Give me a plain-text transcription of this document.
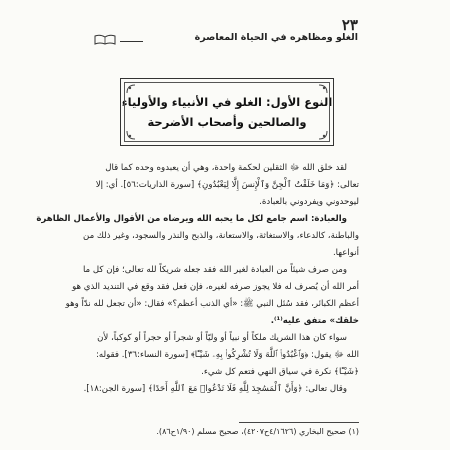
٢٣
الغلو ومظاهره في الحياة المعاصرة
النوع الأول: الغلو في الأنبياء والأولياء
والصالحين وأصحاب الأضرحة
لقد خلق الله ﷻ الثقلين لحكمة واحدة، وهي أن يعبدوه وحده كما قال
تعالى: ﴿وَمَا خَلَقْتُ ٱلْجِنَّ وَٱلْإِنسَ إِلَّا لِيَعْبُدُونِ﴾ [سورة الذاريات:٥٦]. أي: إلا
ليوحدوني ويفردوني بالعبادة.
والعبادة: اسم جامع لكل ما يحبه الله ويرضاه من الأقوال والأعمال الظاهرة
والباطنة، كالدعاء، والاستغاثة، والاستعانة، والذبح والنذر والسجود، وغير ذلك من
أنواعها.
ومن صرف شيئاً من العبادة لغير الله فقد جعله شريكاً لله تعالى؛ فإن كل ما
أمر الله أن يُصرف له فلا يجوز صرفه لغيره، فإن فعل فقد وقع في التنديد الذي هو
أعظم الكبائر، فقد سُئل النبي ﷺ: «أي الذنب أعظم؟» فقال: «أن تجعل لله ندّاً وهو
خلقك» متفق عليه⁽¹⁾.
سواء كان هذا الشريك ملكاً أو نبياً أو وليّاً أو شجراً أو حجراً أو كوكباً، لأن
الله ﷻ يقول: ﴿وَٱعْبُدُوا۟ ٱللَّهَ وَلَا تُشْرِكُوا۟ بِهِۦ شَيْـًٔا﴾ [سورة النساء:٣٦]. فقوله:
﴿شَيْـًٔا﴾ نكرة في سياق النهي فتعم كل شيء.
وقال تعالى: ﴿وَأَنَّ ٱلْمَسَٰجِدَ لِلَّهِ فَلَا تَدْعُوا۟ مَعَ ٱللَّهِ أَحَدًا﴾ [سورة الجن:١٨].
(١) صحيح البخاري (٤/١٦٢٦ح٤٢٠٧)، صحيح مسلم (١/٩٠ح٨٦).
